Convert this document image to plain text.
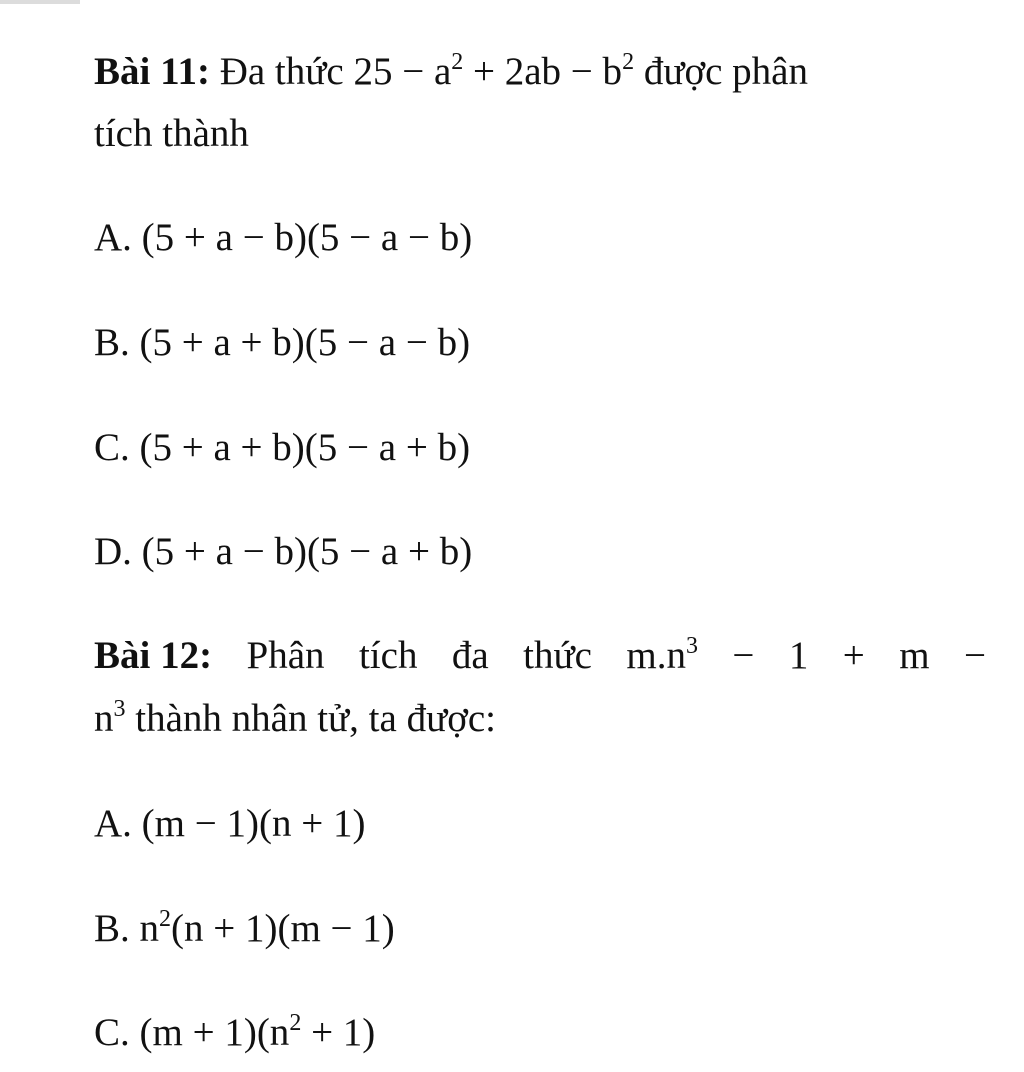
Bài 11: Đa thức $25 - a^2 + 2ab - b^2$ được phân
tích thành
A. (5 + a − b)(5 − a − b)
B. (5 + a + b)(5 − a − b)
C. (5 + a + b)(5 − a + b)
D. (5 + a − b)(5 − a + b)
Bài 12: Phân tích đa thức $m.n^3 - 1 + m$ −
$n^3$ thành nhân tử, ta được:
A. (m − 1)(n + 1)
B. $n^2(n + 1)(m - 1)$
C. $(m + 1)(n^2 + 1)$
